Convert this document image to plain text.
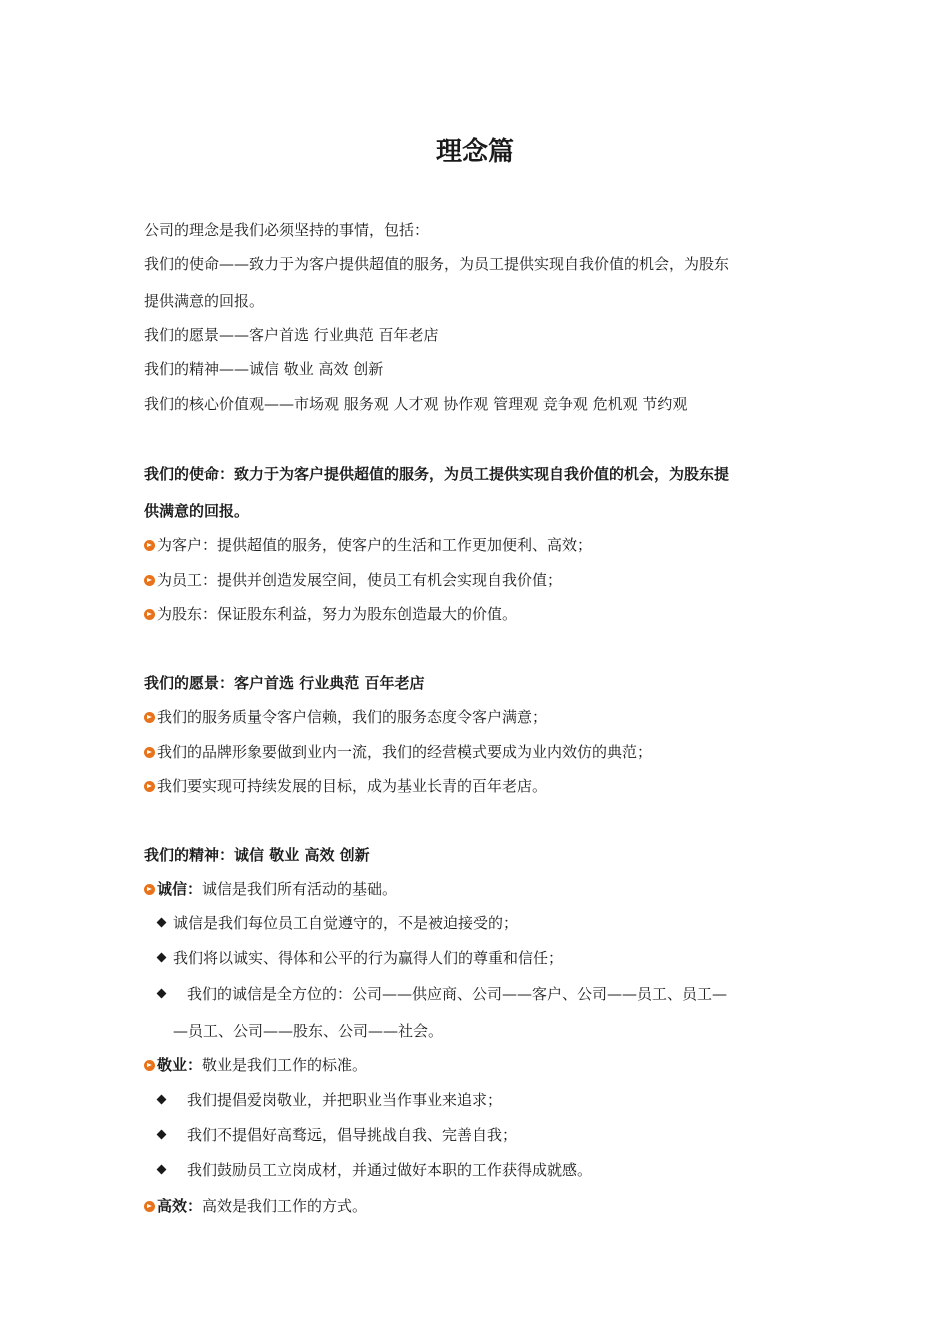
理念篇
公司的理念是我们必须坚持的事情，包括：
我们的使命——致力于为客户提供超值的服务，为员工提供实现自我价值的机会，为股东
提供满意的回报。
我们的愿景——客户首选 行业典范 百年老店
我们的精神——诚信 敬业 高效 创新
我们的核心价值观——市场观 服务观 人才观 协作观 管理观 竞争观 危机观 节约观
我们的使命：致力于为客户提供超值的服务，为员工提供实现自我价值的机会，为股东提
供满意的回报。
为客户：提供超值的服务，使客户的生活和工作更加便利、高效；
为员工：提供并创造发展空间，使员工有机会实现自我价值；
为股东：保证股东利益，努力为股东创造最大的价值。
我们的愿景：客户首选 行业典范 百年老店
我们的服务质量令客户信赖，我们的服务态度令客户满意；
我们的品牌形象要做到业内一流，我们的经营模式要成为业内效仿的典范；
我们要实现可持续发展的目标，成为基业长青的百年老店。
我们的精神：诚信 敬业 高效 创新
诚信：诚信是我们所有活动的基础。
诚信是我们每位员工自觉遵守的，不是被迫接受的；
我们将以诚实、得体和公平的行为赢得人们的尊重和信任；
我们的诚信是全方位的：公司——供应商、公司——客户、公司——员工、员工—
—员工、公司——股东、公司——社会。
敬业：敬业是我们工作的标准。
我们提倡爱岗敬业，并把职业当作事业来追求；
我们不提倡好高骛远，倡导挑战自我、完善自我；
我们鼓励员工立岗成材，并通过做好本职的工作获得成就感。
高效：高效是我们工作的方式。
